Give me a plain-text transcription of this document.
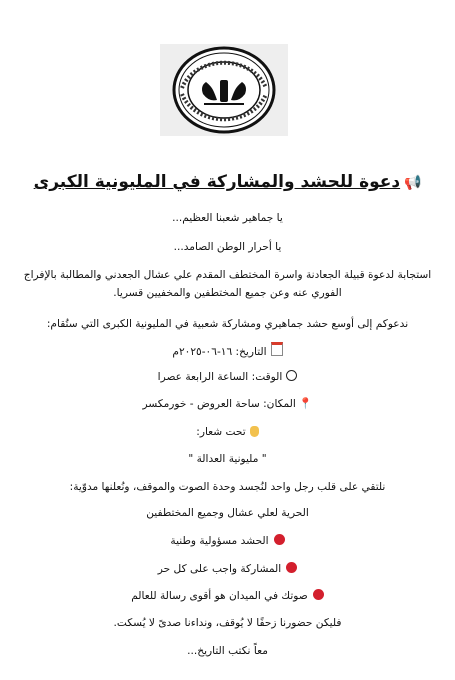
📢دعوة للحشد والمشاركة في المليونية الكبرى
يا جماهير شعبنا العظيم...
يا أحرار الوطن الصامد...
استجابة لدعوة قبيلة الجعادنة واسرة المختطف المقدم علي عشال الجعدني والمطالبة بالإفراج الفوري عنه وعن جميع المختطفين والمخفيين قسريا.
ندعوكم إلى أوسع حشد جماهيري ومشاركة شعبية في المليونية الكبرى التي ستُقام:
التاريخ: ١٦-٠٦-٢٠٢٥م
الوقت: الساعة الرابعة عصرا
📍المكان: ساحة العروض - خورمكسر
تحت شعار:
" مليونية العدالة "
نلتقي على قلب رجل واحد لنُجسد وحدة الصوت والموقف، ونُعلنها مدوّية:
الحرية لعلي عشال وجميع المختطفين
الحشد مسؤولية وطنية
المشاركة واجب على كل حر
صوتك في الميدان هو أقوى رسالة للعالم
فليكن حضورنا زحفًا لا يُوقف، ونداءنا صدىً لا يُسكت.
معاً نكتب التاريخ...
